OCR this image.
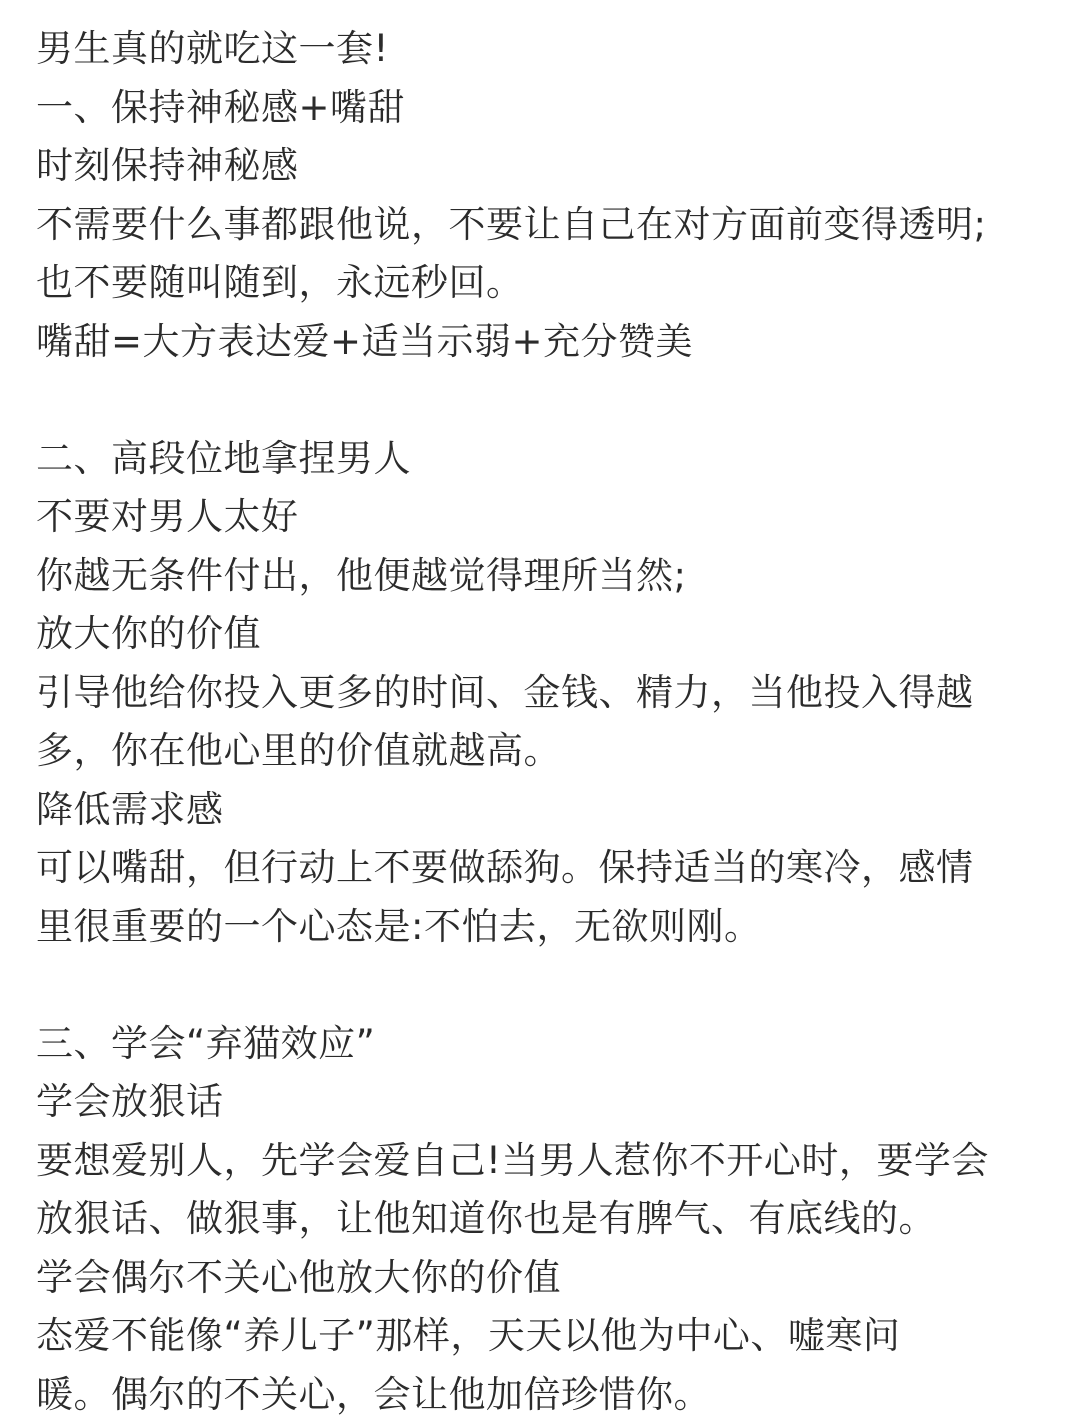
男生真的就吃这一套!
一、保持神秘感+嘴甜
时刻保持神秘感
不需要什么事都跟他说，不要让自己在对方面前变得透明;
也不要随叫随到，永远秒回。
嘴甜=大方表达爱+适当示弱+充分赞美
二、高段位地拿捏男人
不要对男人太好
你越无条件付出，他便越觉得理所当然;
放大你的价值
引导他给你投入更多的时间、金钱、精力，当他投入得越
多，你在他心里的价值就越高。
降低需求感
可以嘴甜，但行动上不要做舔狗。保持适当的寒冷，感情
里很重要的一个心态是:不怕去，无欲则刚。
三、学会“弃猫效应”
学会放狠话
要想爱别人，先学会爱自己!当男人惹你不开心时，要学会
放狠话、做狠事，让他知道你也是有脾气、有底线的。
学会偶尔不关心他放大你的价值
态爱不能像“养儿子”那样，天天以他为中心、嘘寒问
暖。偶尔的不关心，会让他加倍珍惜你。
